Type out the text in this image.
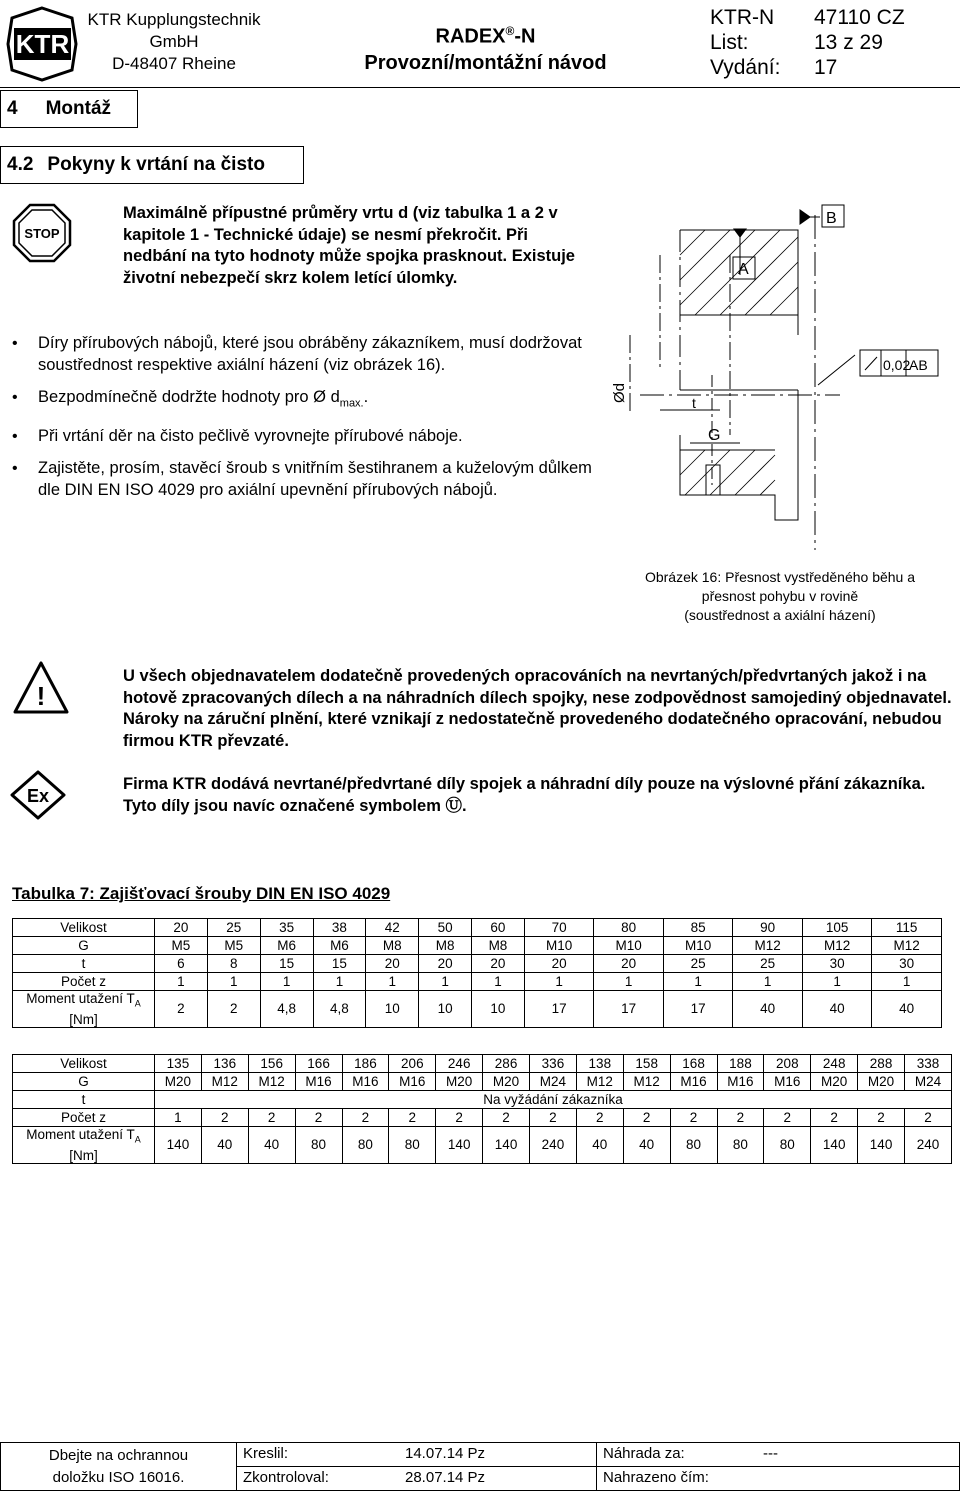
KTR
KTR Kupplungstechnik
GmbH
D-48407 Rheine
RADEX®-N
Provozní/montážní návod
KTR-N	47110 CZ
List:	13 z 29
Vydání:	17
4 Montáž
4.2 Pokyny k vrtání na čisto
STOP
Maximálně přípustné průměry vrtu d (viz tabulka 1 a 2 v kapitole 1 - Technické údaje) se nesmí překročit. Při nedbání na tyto hodnoty může spojka prasknout. Existuje životní nebezpečí skrz kolem letící úlomky.
• Díry přírubových nábojů, které jsou obráběny zákazníkem, musí dodržovat soustřednost respektive axiální házení (viz obrázek 16).
• Bezpodmínečně dodržte hodnoty pro Ø $d_{max.}$.
• Při vrtání děr na čisto pečlivě vyrovnejte přírubové náboje.
• Zajistěte, prosím, stavěcí šroub s vnitřním šestihranem a kuželovým důlkem dle DIN EN ISO 4029 pro axiální upevnění přírubových nábojů.
A
B
t
G
Ød
0,02
AB
Obrázek 16: Přesnost vystředěného běhu a
přesnost pohybu v rovině
(soustřednost a axiální házení)
!
U všech objednavatelem dodatečně provedených opracováních na nevrtaných/předvrtaných jakož i na hotově zpracovaných dílech a na náhradních dílech spojky, nese zodpovědnost samojediný objednavatel. Nároky na záruční plnění, které vznikají z nedostatečně provedeného dodatečného opracování, nebudou firmou KTR převzaté.
Ex
Firma KTR dodává nevrtané/předvrtané díly spojek a náhradní díly pouze na výslovné přání zákazníka. Tyto díly jsou navíc označené symbolem Ⓤ.
Tabulka 7: Zajišťovací šrouby DIN EN ISO 4029
Velikost	20	25	35	38	42	50	60	70	80	85	90	105	115
G	M5	M5	M6	M6	M8	M8	M8	M10	M10	M10	M12	M12	M12
t	6	8	15	15	20	20	20	20	20	25	25	30	30
Počet z	1	1	1	1	1	1	1	1	1	1	1	1	1
Moment utažení $T_A$
[Nm]	2	2	4,8	4,8	10	10	10	17	17	17	40	40	40
Velikost	135	136	156	166	186	206	246	286	336	138	158	168	188	208	248	288	338
G	M20	M12	M12	M16	M16	M16	M20	M20	M24	M12	M12	M16	M16	M16	M20	M20	M24
t	Na vyžádání zákazníka																
Počet z	1	2	2	2	2	2	2	2	2	2	2	2	2	2	2	2	2
Moment utažení $T_A$
[Nm]	140	40	40	80	80	80	140	140	240	40	40	80	80	80	140	140	240
Dbejte na ochrannou
doložku ISO 16016.
Kreslil:	14.07.14 Pz
Zkontroloval:	28.07.14 Pz
Náhrada za:	---
Nahrazeno čím:
